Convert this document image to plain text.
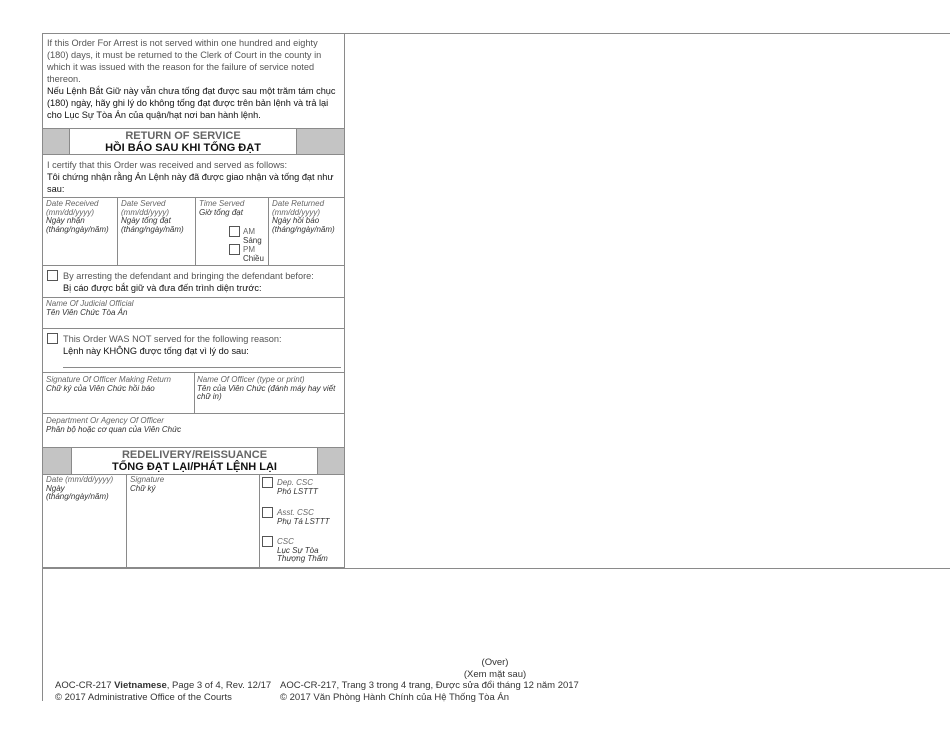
If this Order For Arrest is not served within one hundred and eighty (180) days, it must be returned to the Clerk of Court in the county in which it was issued with the reason for the failure of service noted thereon.
Nếu Lệnh Bắt Giữ này vẫn chưa tống đạt được sau một trăm tám chục (180) ngày, hãy ghi lý do không tống đạt được trên bản lệnh và trả lại cho Lục Sự Tòa Án của quận/hạt nơi ban hành lệnh.
RETURN OF SERVICE
HỒI BÁO SAU KHI TỐNG ĐẠT
I certify that this Order was received and served as follows:
Tôi chứng nhận rằng Án Lệnh này đã được giao nhận và tống đạt như sau:
Date Received (mm/dd/yyyy)
Ngày nhận (tháng/ngày/năm)
Date Served (mm/dd/yyyy)
Ngày tống đạt (tháng/ngày/năm)
Time Served
Giờ tống đạt
AM
Sáng
PM
Chiều
Date Returned (mm/dd/yyyy)
Ngày hồi báo (tháng/ngày/năm)
By arresting the defendant and bringing the defendant before:
Bị cáo được bắt giữ và đưa đến trình diện trước:
Name Of Judicial Official
Tên Viên Chức Tòa Án
This Order WAS NOT served for the following reason:
Lệnh này KHÔNG được tống đạt vì lý do sau:
Signature Of Officer Making Return
Chữ ký của Viên Chức hồi báo
Name Of Officer (type or print)
Tên của Viên Chức (đánh máy hay viết chữ in)
Department Or Agency Of Officer
Phân bộ hoặc cơ quan của Viên Chức
REDELIVERY/REISSUANCE
TỐNG ĐẠT LẠI/PHÁT LỆNH LẠI
Date (mm/dd/yyyy)
Ngày (tháng/ngày/năm)
Signature
Chữ ký
Dep. CSC
Phó LSTTT
Asst. CSC
Phụ Tá LSTTT
CSC
Lục Sự Tòa Thượng Thẩm
(Over)
(Xem mặt sau)
AOC-CR-217 Vietnamese, Page 3 of 4, Rev. 12/17 AOC-CR-217, Trang 3 trong 4 trang, Được sửa đổi tháng 12 năm 2017
© 2017 Administrative Office of the Courts	© 2017 Văn Phòng Hành Chính của Hệ Thống Tòa Án
